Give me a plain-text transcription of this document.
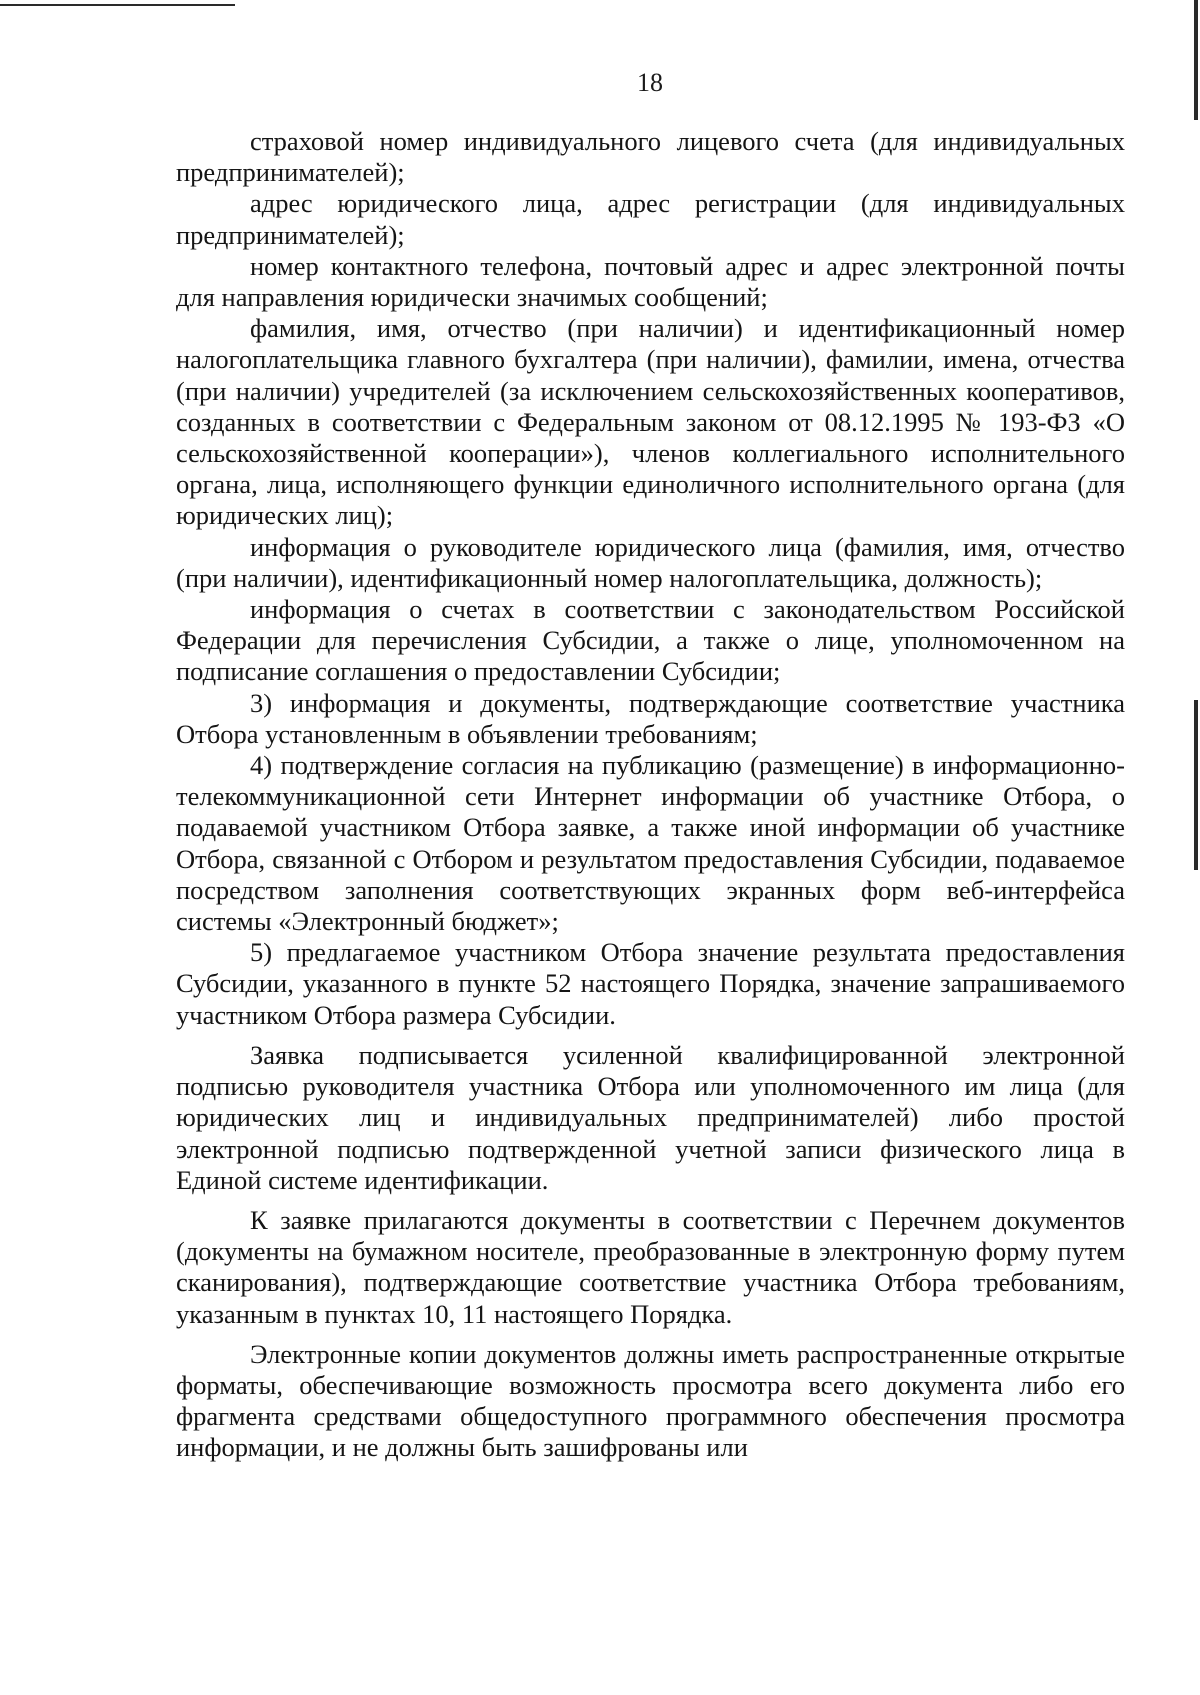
18

страховой номер индивидуального лицевого счета (для индивидуальных предпринимателей);

адрес юридического лица, адрес регистрации (для индивидуальных предпринимателей);

номер контактного телефона, почтовый адрес и адрес электронной почты для направления юридически значимых сообщений;

фамилия, имя, отчество (при наличии) и идентификационный номер налогоплательщика главного бухгалтера (при наличии), фамилии, имена, отчества (при наличии) учредителей (за исключением сельскохозяйственных кооперативов, созданных в соответствии с Федеральным законом от 08.12.1995 № 193-ФЗ «О сельскохозяйственной кооперации»), членов коллегиального исполнительного органа, лица, исполняющего функции единоличного исполнительного органа (для юридических лиц);

информация о руководителе юридического лица (фамилия, имя, отчество (при наличии), идентификационный номер налогоплательщика, должность);

информация о счетах в соответствии с законодательством Российской Федерации для перечисления Субсидии, а также о лице, уполномоченном на подписание соглашения о предоставлении Субсидии;

3) информация и документы, подтверждающие соответствие участника Отбора установленным в объявлении требованиям;

4) подтверждение согласия на публикацию (размещение) в информационно-телекоммуникационной сети Интернет информации об участнике Отбора, о подаваемой участником Отбора заявке, а также иной информации об участнике Отбора, связанной с Отбором и результатом предоставления Субсидии, подаваемое посредством заполнения соответствующих экранных форм веб-интерфейса системы «Электронный бюджет»;

5) предлагаемое участником Отбора значение результата предоставления Субсидии, указанного в пункте 52 настоящего Порядка, значение запрашиваемого участником Отбора размера Субсидии.

Заявка подписывается усиленной квалифицированной электронной подписью руководителя участника Отбора или уполномоченного им лица (для юридических лиц и индивидуальных предпринимателей) либо простой электронной подписью подтвержденной учетной записи физического лица в Единой системе идентификации.

К заявке прилагаются документы в соответствии с Перечнем документов (документы на бумажном носителе, преобразованные в электронную форму путем сканирования), подтверждающие соответствие участника Отбора требованиям, указанным в пунктах 10, 11 настоящего Порядка.

Электронные копии документов должны иметь распространенные открытые форматы, обеспечивающие возможность просмотра всего документа либо его фрагмента средствами общедоступного программного обеспечения просмотра информации, и не должны быть зашифрованы или
